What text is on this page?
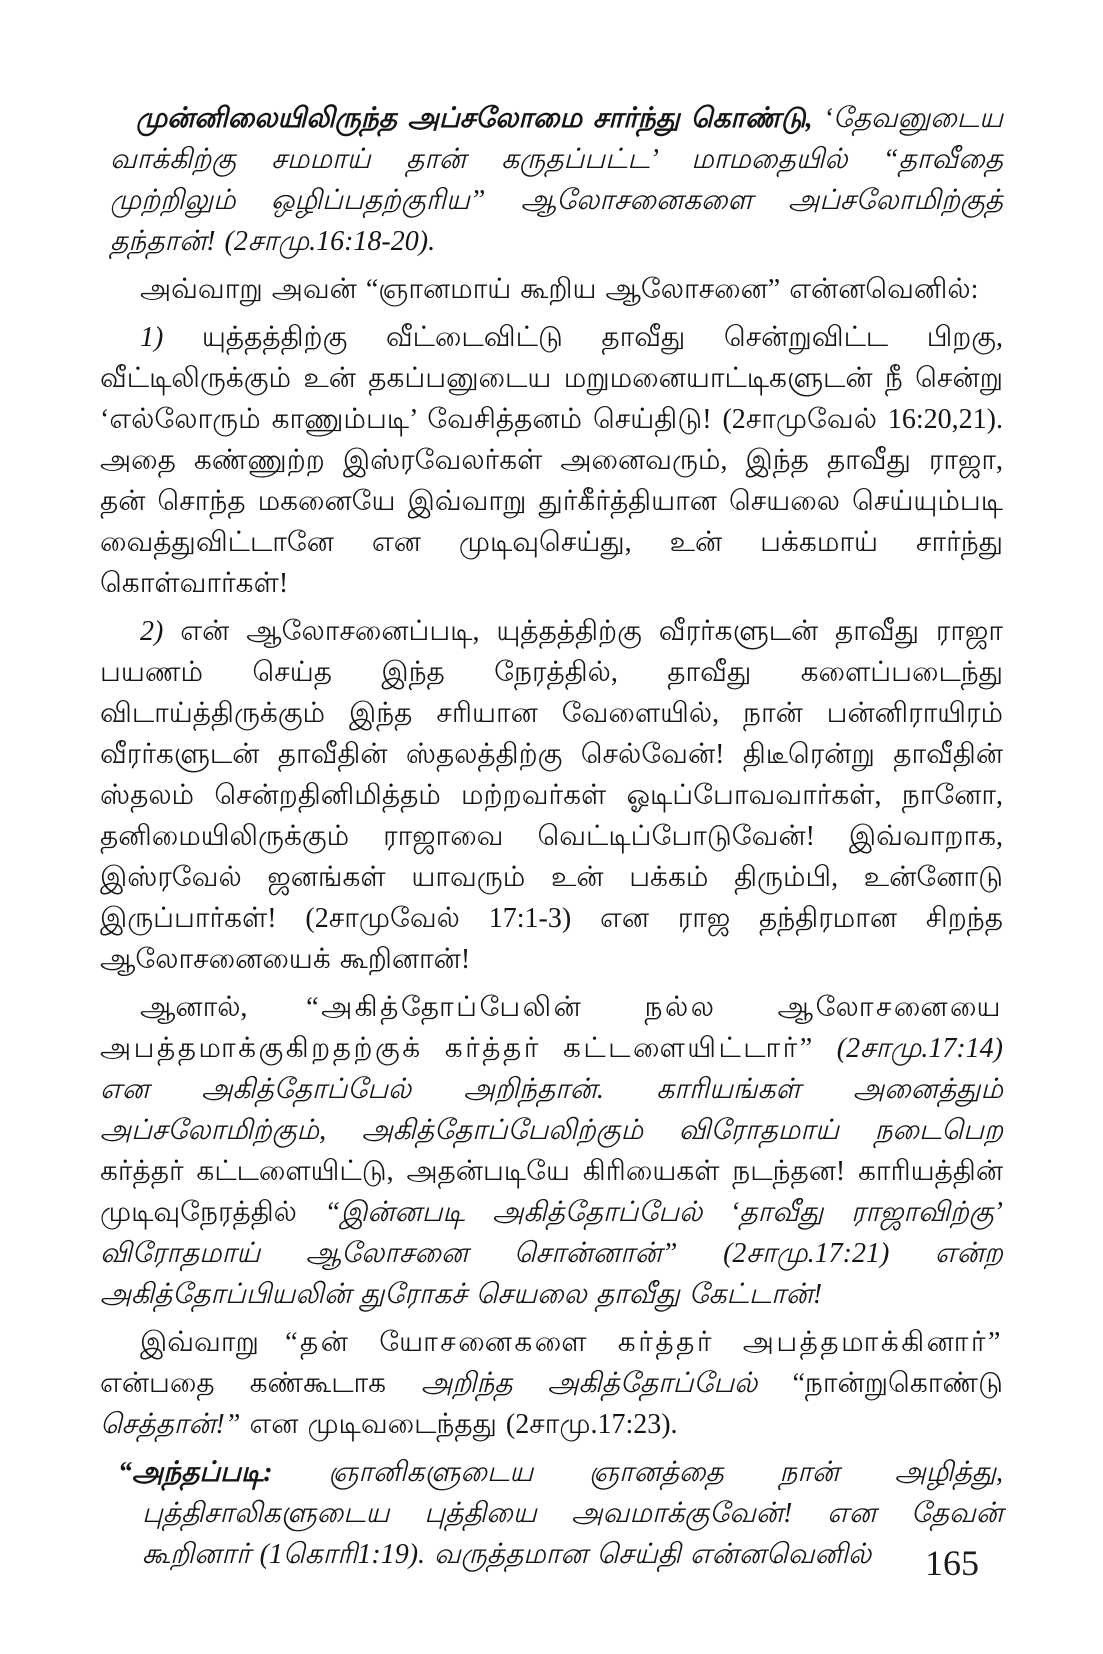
முன்னிலையிலிருந்த அப்சலோமை சார்ந்து கொண்டு, ‘தேவனுடைய வாக்கிற்கு சமமாய் தான் கருதப்பட்ட’ மாமதையில் “தாவீதை முற்றிலும் ஒழிப்பதற்குரிய” ஆலோசனைகளை அப்சலோமிற்குத் தந்தான்! (2சாமு.16:18-20).

அவ்வாறு அவன் “ஞானமாய் கூறிய ஆலோசனை” என்னவெனில்:

1) யுத்தத்திற்கு வீட்டைவிட்டு தாவீது சென்றுவிட்ட பிறகு, வீட்டிலிருக்கும் உன் தகப்பனுடைய மறுமனையாட்டிகளுடன் நீ சென்று ‘எல்லோரும் காணும்படி’ வேசித்தனம் செய்திடு! (2சாமுவேல் 16:20,21). அதை கண்ணுற்ற இஸ்ரவேலர்கள் அனைவரும், இந்த தாவீது ராஜா, தன் சொந்த மகனையே இவ்வாறு துர்கீர்த்தியான செயலை செய்யும்படி வைத்துவிட்டானே என முடிவுசெய்து, உன் பக்கமாய் சார்ந்து கொள்வார்கள்!

2) என் ஆலோசனைப்படி, யுத்தத்திற்கு வீரர்களுடன் தாவீது ராஜா பயணம் செய்த இந்த நேரத்தில், தாவீது களைப்படைந்து விடாய்த்திருக்கும் இந்த சரியான வேளையில், நான் பன்னிராயிரம் வீரர்களுடன் தாவீதின் ஸ்தலத்திற்கு செல்வேன்! திடீரென்று தாவீதின் ஸ்தலம் சென்றதினிமித்தம் மற்றவர்கள் ஓடிப்போவவார்கள், நானோ, தனிமையிலிருக்கும் ராஜாவை வெட்டிப்போடுவேன்! இவ்வாறாக, இஸ்ரவேல் ஜனங்கள் யாவரும் உன் பக்கம் திரும்பி, உன்னோடு இருப்பார்கள்! (2சாமுவேல் 17:1-3) என ராஜ தந்திரமான சிறந்த ஆலோசனையைக் கூறினான்!

ஆனால், “அகித்தோப்பேலின் நல்ல ஆலோசனையை அபத்தமாக்குகிறதற்குக் கர்த்தர் கட்டளையிட்டார்” (2சாமு.17:14) என அகித்தோப்பேல் அறிந்தான். காரியங்கள் அனைத்தும் அப்சலோமிற்கும், அகித்தோப்பேலிற்கும் விரோதமாய் நடைபெற கர்த்தர் கட்டளையிட்டு, அதன்படியே கிரியைகள் நடந்தன! காரியத்தின் முடிவுநேரத்தில் “இன்னபடி அகித்தோப்பேல் ‘தாவீது ராஜாவிற்கு’ விரோதமாய் ஆலோசனை சொன்னான்” (2சாமு.17:21) என்ற அகித்தோப்பியலின் துரோகச் செயலை தாவீது கேட்டான்!

இவ்வாறு “தன் யோசனைகளை கர்த்தர் அபத்தமாக்கினார்” என்பதை கண்கூடாக அறிந்த அகித்தோப்பேல் “நான்றுகொண்டு செத்தான்!” என முடிவடைந்தது (2சாமு.17:23).

“அந்தப்படி: ஞானிகளுடைய ஞானத்தை நான் அழித்து, புத்திசாலிகளுடைய புத்தியை அவமாக்குவேன்! என தேவன் கூறினார் (1கொரி1:19). வருத்தமான செய்தி என்னவெனில்	165
